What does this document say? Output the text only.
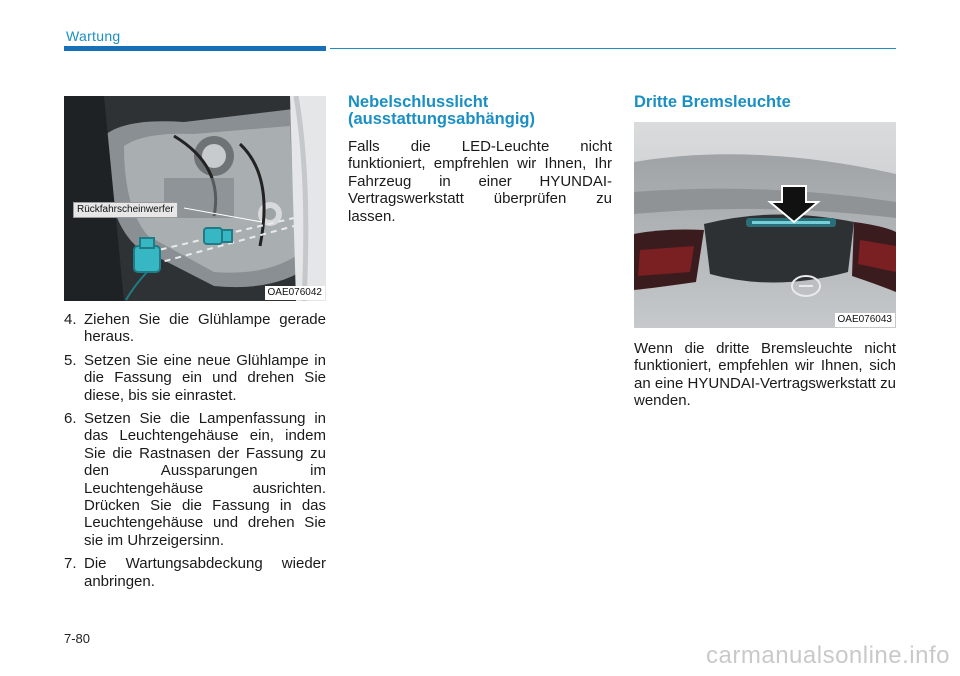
Wartung
Rückfahrscheinwerfer
OAE076042
4. Ziehen Sie die Glühlampe gerade heraus.
5. Setzen Sie eine neue Glühlampe in die Fassung ein und drehen Sie diese, bis sie einrastet.
6. Setzen Sie die Lampenfassung in das Leuchtengehäuse ein, indem Sie die Rastnasen der Fassung zu den Aussparungen im Leuchtengehäuse ausrichten. Drücken Sie die Fassung in das Leuchtengehäuse und drehen Sie sie im Uhrzeigersinn.
7. Die Wartungsabdeckung wieder anbringen.
Nebelschlusslicht (ausstattungsabhängig)

Falls die LED-Leuchte nicht funktioniert, empfrehlen wir Ihnen, Ihr Fahrzeug in einer HYUNDAI-Vertragswerkstatt überprüfen zu lassen.

Dritte Bremsleuchte
OAE076043

Wenn die dritte Bremsleuchte nicht funktioniert, empfehlen wir Ihnen, sich an eine HYUNDAI-Vertragswerkstatt zu wenden.

7-80
carmanualsonline.info
